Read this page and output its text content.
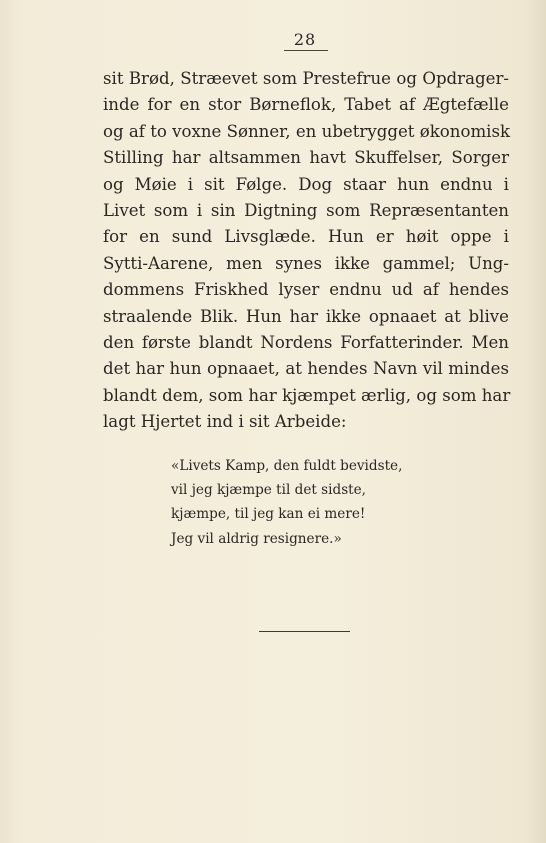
28
sit Brød, Stræevet som Prestefrue og Opdrager-
inde for en stor Børneflok, Tabet af Ægtefælle
og af to voxne Sønner, en ubetrygget økonomisk
Stilling har altsammen havt Skuffelser, Sorger
og Møie i sit Følge. Dog staar hun endnu i
Livet som i sin Digtning som Repræsentanten
for en sund Livsglæde. Hun er høit oppe i
Sytti-Aarene, men synes ikke gammel; Ung-
dommens Friskhed lyser endnu ud af hendes
straalende Blik. Hun har ikke opnaaet at blive
den første blandt Nordens Forfatterinder. Men
det har hun opnaaet, at hendes Navn vil mindes
blandt dem, som har kjæmpet ærlig, og som har
lagt Hjertet ind i sit Arbeide:
«Livets Kamp, den fuldt bevidste,
vil jeg kjæmpe til det sidste,
kjæmpe, til jeg kan ei mere!
Jeg vil aldrig resignere.»
